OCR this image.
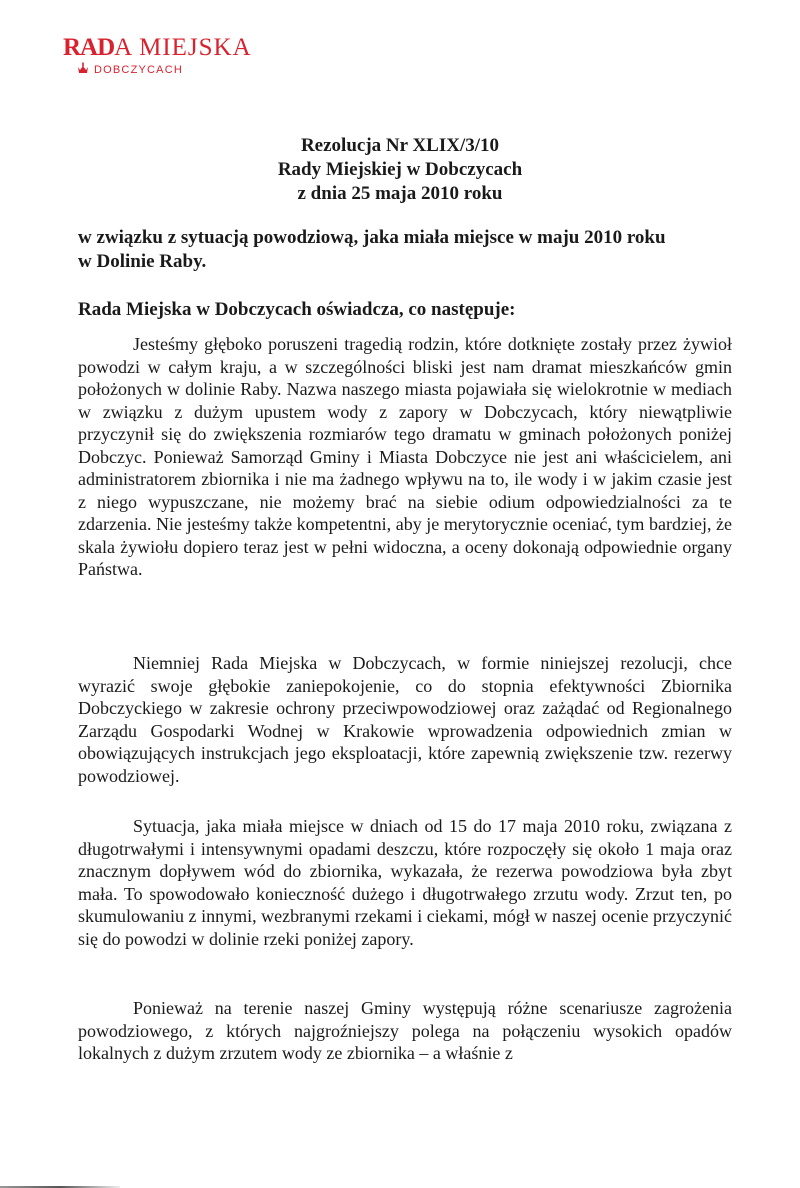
RADA MIEJSKA
DOBCZYCACH
Rezolucja Nr XLIX/3/10
Rady Miejskiej w Dobczycach
z dnia 25 maja 2010 roku
w związku z sytuacją powodziową, jaka miała miejsce w maju 2010 roku
w Dolinie Raby.
Rada Miejska w Dobczycach oświadcza, co następuje:

Jesteśmy głęboko poruszeni tragedią rodzin, które dotknięte zostały przez żywioł powodzi w całym kraju, a w szczególności bliski jest nam dramat mieszkańców gmin położonych w dolinie Raby. Nazwa naszego miasta pojawiała się wielokrotnie w mediach w związku z dużym upustem wody z zapory w Dobczycach, który niewątpliwie przyczynił się do zwiększenia rozmiarów tego dramatu w gminach położonych poniżej Dobczyc. Ponieważ Samorząd Gminy i Miasta Dobczyce nie jest ani właścicielem, ani administratorem zbiornika i nie ma żadnego wpływu na to, ile wody i w jakim czasie jest z niego wypuszczane, nie możemy brać na siebie odium odpowiedzialności za te zdarzenia. Nie jesteśmy także kompetentni, aby je merytorycznie oceniać, tym bardziej, że skala żywiołu dopiero teraz jest w pełni widoczna, a oceny dokonają odpowiednie organy Państwa.

Niemniej Rada Miejska w Dobczycach, w formie niniejszej rezolucji, chce wyrazić swoje głębokie zaniepokojenie, co do stopnia efektywności Zbiornika Dobczyckiego w zakresie ochrony przeciwpowodziowej oraz zażądać od Regionalnego Zarządu Gospodarki Wodnej w Krakowie wprowadzenia odpowiednich zmian w obowiązujących instrukcjach jego eksploatacji, które zapewnią zwiększenie tzw. rezerwy powodziowej.

Sytuacja, jaka miała miejsce w dniach od 15 do 17 maja 2010 roku, związana z długotrwałymi i intensywnymi opadami deszczu, które rozpoczęły się około 1 maja oraz znacznym dopływem wód do zbiornika, wykazała, że rezerwa powodziowa była zbyt mała. To spowodowało konieczność dużego i długotrwałego zrzutu wody. Zrzut ten, po skumulowaniu z innymi, wezbranymi rzekami i ciekami, mógł w naszej ocenie przyczynić się do powodzi w dolinie rzeki poniżej zapory.

Ponieważ na terenie naszej Gminy występują różne scenariusze zagrożenia powodziowego, z których najgroźniejszy polega na połączeniu wysokich opadów lokalnych z dużym zrzutem wody ze zbiornika – a właśnie z
